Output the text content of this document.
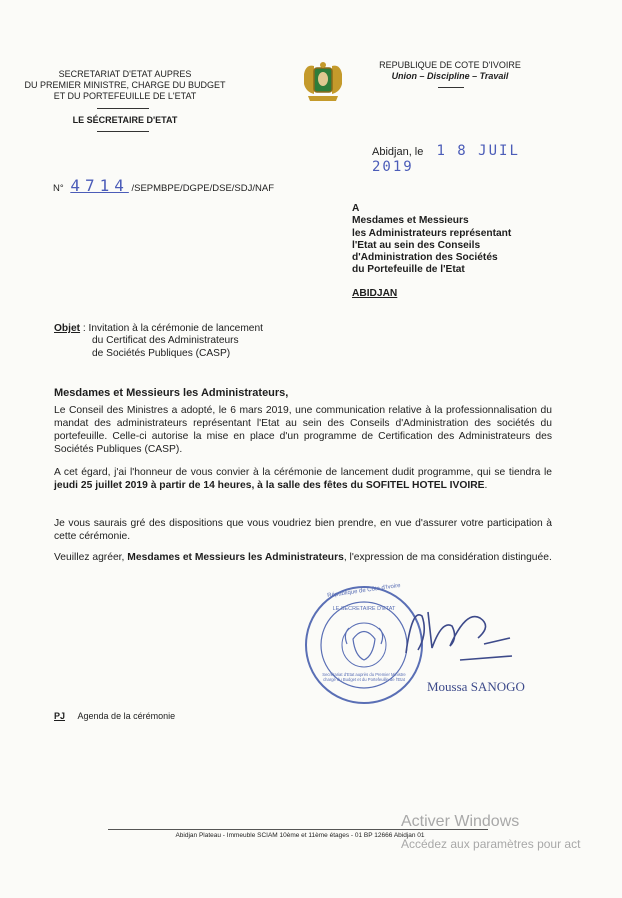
SECRETARIAT D'ETAT AUPRES
DU PREMIER MINISTRE, CHARGE DU BUDGET
ET DU PORTEFEUILLE DE L'ETAT
LE SÉCRETAIRE D'ETAT
REPUBLIQUE DE COTE D'IVOIRE
Union – Discipline – Travail
Abidjan, le 1 8 JUIL 2019
N° 4714 /SEPMBPE/DGPE/DSE/SDJ/NAF
A
Mesdames et Messieurs
les Administrateurs représentant
l'Etat au sein des Conseils
d'Administration des Sociétés
du Portefeuille de l'Etat
ABIDJAN
Objet : Invitation à la cérémonie de lancement
du Certificat des Administrateurs
de Sociétés Publiques (CASP)
Mesdames et Messieurs les Administrateurs,
Le Conseil des Ministres a adopté, le 6 mars 2019, une communication relative à la professionnalisation du mandat des administrateurs représentant l'Etat au sein des Conseils d'Administration des sociétés du portefeuille. Celle-ci autorise la mise en place d'un programme de Certification des Administrateurs des Sociétés Publiques (CASP).
A cet égard, j'ai l'honneur de vous convier à la cérémonie de lancement dudit programme, qui se tiendra le jeudi 25 juillet 2019 à partir de 14 heures, à la salle des fêtes du SOFITEL HOTEL IVOIRE.
Je vous saurais gré des dispositions que vous voudriez bien prendre, en vue d'assurer votre participation à cette cérémonie.
Veuillez agréer, Mesdames et Messieurs les Administrateurs, l'expression de ma considération distinguée.
République de Côte d'Ivoire
LE SECRETAIRE D'ETAT
Secrétariat d'Etat auprès du Premier Ministre chargé du Budget et du Portefeuille de l'Etat	Moussa SANOGO
PJ Agenda de la cérémonie
Abidjan Plateau - Immeuble SCIAM 10ème et 11ème étages - 01 BP 12666 Abidjan 01
Activer Windows
Accédez aux paramètres pour act
